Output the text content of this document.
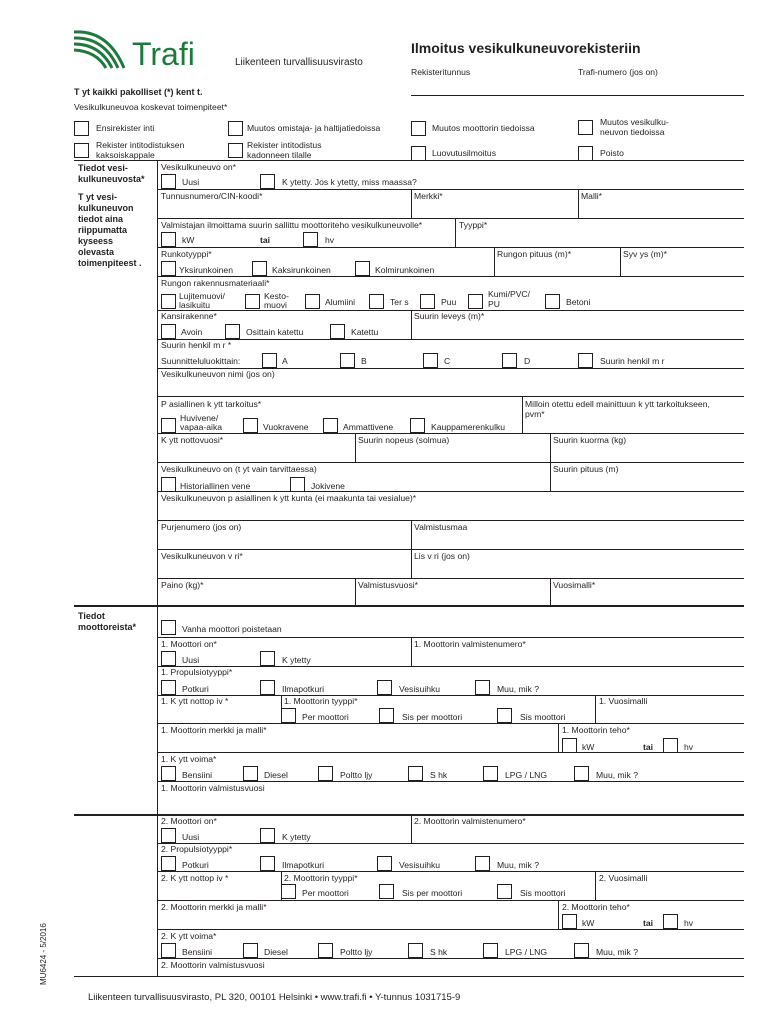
Trafi	Liikenteen turvallisuusvirasto
Ilmoitus vesikulkuneuvorekisteriin
Rekisteritunnus	Trafi-numero (jos on)
T yt kaikki pakolliset (*) kent t.
Vesikulkuneuvoa koskevat toimenpiteet*
Ensirekister inti	Muutos omistaja- ja haltijatiedoissa	Muutos moottorin tiedoissa
Muutos vesikulku-
neuvon tiedoissa
Rekister intitodistuksen
kaksoiskappale
Rekister intitodistus
kadonneen tilalle	Luovutusilmoitus	Poisto
Tiedot vesi-
kulkuneuvosta*
T yt vesi-
kulkuneuvon
tiedot aina
riippumatta
kyseess
olevasta
toimenpiteest .
Tiedot
moottoreista*
Vesikulkuneuvo on*
Uusi	K ytetty. Jos k ytetty, miss maassa?
Tunnusnumero/CIN-koodi*	Merkki*	Malli*
Valmistajan ilmoittama suurin sallittu moottoriteho vesikulkuneuvolle*	Tyyppi*
kW	tai	hv
Runkotyyppi*	Rungon pituus (m)*	Syv ys (m)*
Yksirunkoinen	Kaksirunkoinen	Kolmirunkoinen
Rungon rakennusmateriaali*
Lujitemuovi/
lasikuitu
Kesto-
muovi	Alumiini	Ter s	Puu
Kumi/PVC/
PU	Betoni
Kansirakenne*	Suurin leveys (m)*
Avoin	Osittain katettu	Katettu
Suurin henkil m r *
Suunnitteluluokittain:	A	B	C	D	Suurin henkil m r
Vesikulkuneuvon nimi (jos on)
P asiallinen k ytt tarkoitus*	Milloin otettu edell mainittuun k ytt tarkoitukseen,
pvm*
Huvivene/
vapaa-aika	Vuokravene	Ammattivene	Kauppamerenkulku
K ytt nottovuosi*	Suurin nopeus (solmua)	Suurin kuorma (kg)
Vesikulkuneuvo on (t yt vain tarvittaessa)	Suurin pituus (m)
Historiallinen vene	Jokivene
Vesikulkuneuvon p asiallinen k ytt kunta (ei maakunta tai vesialue)*
Purjenumero (jos on)	Valmistusmaa
Vesikulkuneuvon v ri*	Lis v ri (jos on)
Paino (kg)*	Valmistusvuosi*	Vuosimalli*
Vanha moottori poistetaan
1. Moottori on*	1. Moottorin valmistenumero*
Uusi	K ytetty
1. Propulsiotyyppi*
Potkuri	Ilmapotkuri	Vesisuihku	Muu, mik ?
1. K ytt nottop iv *	1. Moottorin tyyppi*	1. Vuosimalli
Per moottori	Sis per moottori	Sis moottori
1. Moottorin merkki ja malli*	1. Moottorin teho*
kW	tai	hv
1. K ytt voima*
Bensiini	Diesel	Poltto ljy	S hk	LPG / LNG	Muu, mik ?
1. Moottorin valmistusvuosi
2. Moottori on*	2. Moottorin valmistenumero*
Uusi	K ytetty
2. Propulsiotyyppi*
Potkuri	Ilmapotkuri	Vesisuihku	Muu, mik ?
2. K ytt nottop iv *	2. Moottorin tyyppi*	2. Vuosimalli
Per moottori	Sis per moottori	Sis moottori
2. Moottorin merkki ja malli*	2. Moottorin teho*
kW	tai	hv
2. K ytt voima*
Bensiini	Diesel	Poltto ljy	S hk	LPG / LNG	Muu, mik ?
2. Moottorin valmistusvuosi
MU6424 - 5/2016
Liikenteen turvallisuusvirasto, PL 320, 00101 Helsinki • www.trafi.fi • Y-tunnus 1031715-9
